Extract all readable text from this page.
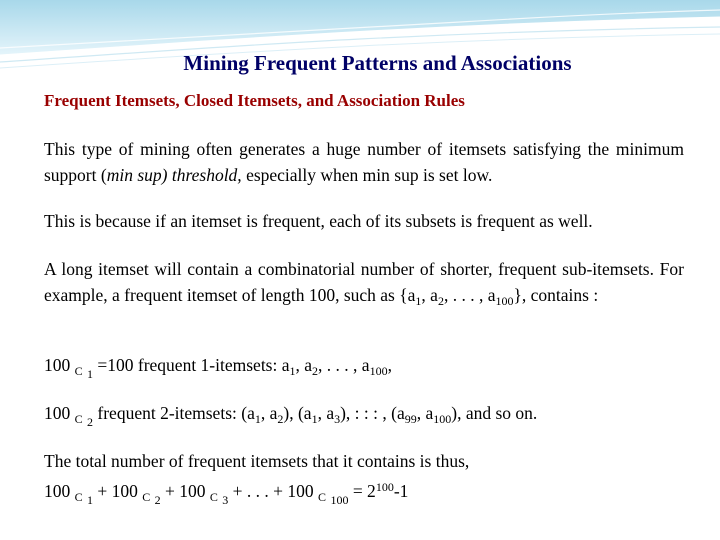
Mining Frequent Patterns and Associations
Frequent Itemsets, Closed Itemsets, and Association Rules
This type of mining often generates a huge number of itemsets satisfying the minimum support (min sup) threshold, especially when min sup is set low.
This is because if an itemset is frequent, each of its subsets is frequent as well.
A long itemset will contain a combinatorial number of shorter, frequent sub-itemsets. For example, a frequent itemset of length 100, such as {$a_1$, $a_2$, . . . , $a_{100}$}, contains :
100 $_C$ $_1$ =100 frequent 1-itemsets: $a_1$, $a_2$, . . . , $a_{100}$,
100 $_C$ $_2$ frequent 2-itemsets: ($a_1$, $a_2$), ($a_1$, $a_3$), : : : , ($a_{99}$, $a_{100}$), and so on.
The total number of frequent itemsets that it contains is thus,
100 $_C$ $_1$ + 100 $_C$ $_2$ + 100 $_C$ $_3$ + . . . + 100 $_C$ $_{100} = 2^{100}-1$
